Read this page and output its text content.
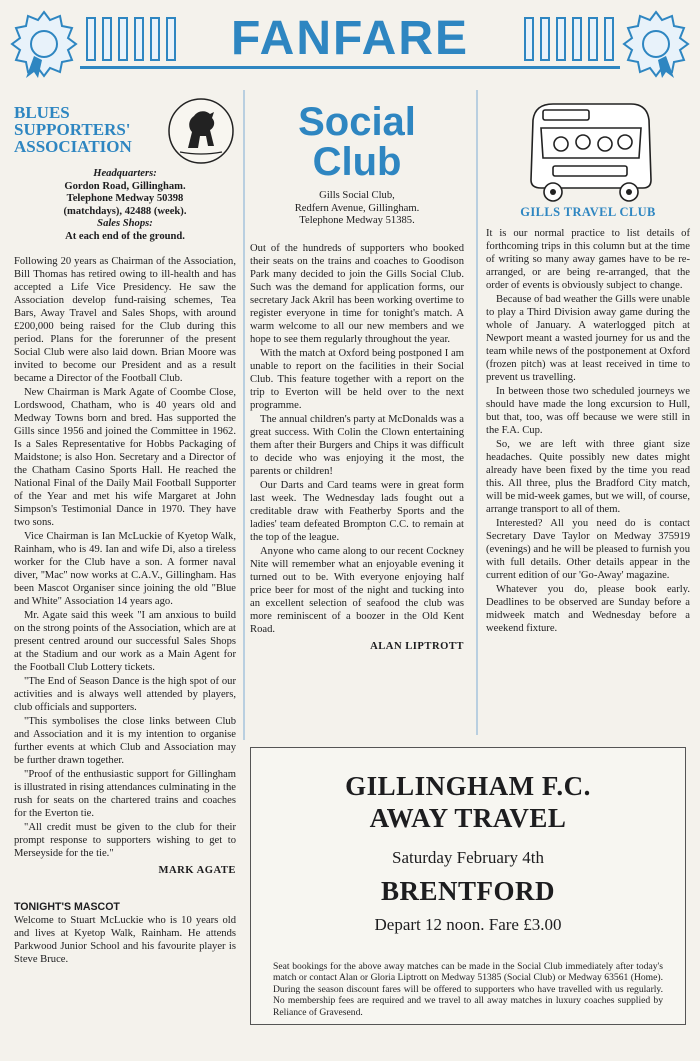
FANFARE
BLUES
SUPPORTERS'
ASSOCIATION
Headquarters:
Gordon Road, Gillingham.
Telephone Medway 50398
(matchdays), 42488 (week).
Sales Shops:
At each end of the ground.

Following 20 years as Chairman of the Association, Bill Thomas has retired owing to ill-health and has accepted a Life Vice Presidency. He saw the Association develop fund-raising schemes, Tea Bars, Away Travel and Sales Shops, with around £200,000 being raised for the Club during this period. Plans for the forerunner of the present Social Club were also laid down. Brian Moore was invited to become our President and as a result became a Director of the Football Club.

New Chairman is Mark Agate of Coombe Close, Lordswood, Chatham, who is 40 years old and Medway Towns born and bred. Has supported the Gills since 1956 and joined the Committee in 1962. Is a Sales Representative for Hobbs Packaging of Maidstone; is also Hon. Secretary and a Director of the Chatham Casino Sports Hall. He reached the National Final of the Daily Mail Football Supporter of the Year and met his wife Margaret at John Simpson's Testimonial Dance in 1970. They have two sons.

Vice Chairman is Ian McLuckie of Kyetop Walk, Rainham, who is 49. Ian and wife Di, also a tireless worker for the Club have a son. A former naval diver, ''Mac'' now works at C.A.V., Gillingham. Has been Mascot Organiser since joining the old "Blue and White" Association 14 years ago.

Mr. Agate said this week "I am anxious to build on the strong points of the Association, which are at present centred around our successful Sales Shops at the Stadium and our work as a Main Agent for the Football Club Lottery tickets.

"The End of Season Dance is the high spot of our activities and is always well attended by players, club officials and supporters.

"This symbolises the close links between Club and Association and it is my intention to organise further events at which Club and Association may be further drawn together.

"Proof of the enthusiastic support for Gillingham is illustrated in rising attendances culminating in the rush for seats on the chartered trains and coaches for the Everton tie.

"All credit must be given to the club for their prompt response to supporters wishing to get to Merseyside for the tie."

MARK AGATE
TONIGHT'S MASCOT

Welcome to Stuart McLuckie who is 10 years old and lives at Kyetop Walk, Rainham. He attends Parkwood Junior School and his favourite player is Steve Bruce.

Social
Club
Gills Social Club,
Redfern Avenue, Gillingham.
Telephone Medway 51385.

Out of the hundreds of supporters who booked their seats on the trains and coaches to Goodison Park many decided to join the Gills Social Club. Such was the demand for application forms, our secretary Jack Akril has been working overtime to register everyone in time for tonight's match. A warm welcome to all our new members and we hope to see them regularly throughout the year.

With the match at Oxford being postponed I am unable to report on the facilities in their Social Club. This feature together with a report on the trip to Everton will be held over to the next programme.

The annual children's party at McDonalds was a great success. With Colin the Clown entertaining them after their Burgers and Chips it was difficult to decide who was enjoying it the most, the parents or children!

Our Darts and Card teams were in great form last week. The Wednesday lads fought out a creditable draw with Featherby Sports and the ladies' team defeated Brompton C.C. to remain at the top of the league.

Anyone who came along to our recent Cockney Nite will remember what an enjoyable evening it turned out to be. With everyone enjoying half price beer for most of the night and tucking into an excellent selection of seafood the club was more reminiscent of a boozer in the Old Kent Road.

ALAN LIPTROTT
GILLS TRAVEL CLUB

It is our normal practice to list details of forthcoming trips in this column but at the time of writing so many away games have to be re-arranged, or are being re-arranged, that the order of events is obviously subject to change.

Because of bad weather the Gills were unable to play a Third Division away game during the whole of January. A waterlogged pitch at Newport meant a wasted journey for us and the team while news of the postponement at Oxford (frozen pitch) was at least received in time to prevent us travelling.

In between those two scheduled journeys we should have made the long excursion to Hull, but that, too, was off because we were still in the F.A. Cup.

So, we are left with three giant size headaches. Quite possibly new dates might already have been fixed by the time you read this. All three, plus the Bradford City match, will be mid-week games, but we will, of course, arrange transport to all of them.

Interested? All you need do is contact Secretary Dave Taylor on Medway 375919 (evenings) and he will be pleased to furnish you with full details. Other details appear in the current edition of our 'Go-Away' magazine.

Whatever you do, please book early. Deadlines to be observed are Sunday before a midweek match and Wednesday before a weekend fixture.

GILLINGHAM F.C.
AWAY TRAVEL
Saturday February 4th
BRENTFORD
Depart 12 noon. Fare £3.00
Seat bookings for the above away matches can be made in the Social Club immediately after today's match or contact Alan or Gloria Liptrott on Medway 51385 (Social Club) or Medway 63561 (Home). During the season discount fares will be offered to supporters who have travelled with us regularly. No membership fees are required and we travel to all away matches in luxury coaches supplied by Reliance of Gravesend.
